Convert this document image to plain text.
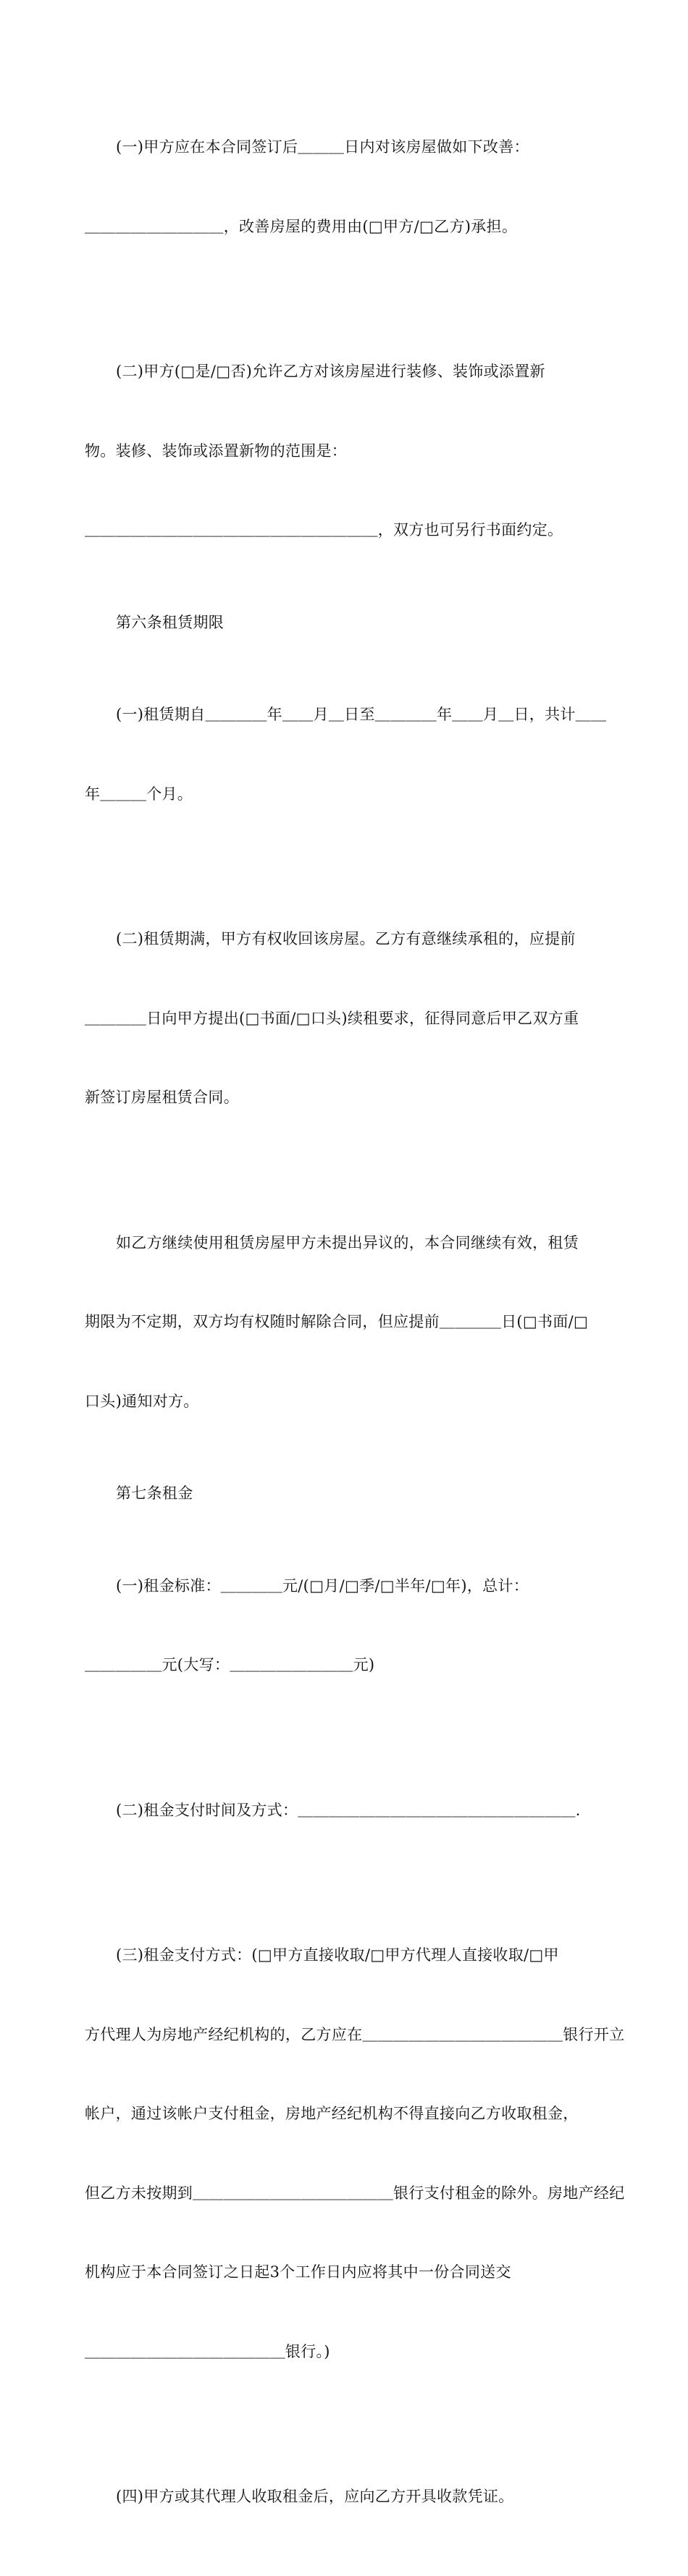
(一)甲方应在本合同签订后＿＿＿日内对该房屋做如下改善：

＿＿＿＿＿＿＿＿＿，改善房屋的费用由(□甲方/□乙方)承担。

(二)甲方(□是/□否)允许乙方对该房屋进行装修、装饰或添置新

物。装修、装饰或添置新物的范围是：

＿＿＿＿＿＿＿＿＿＿＿＿＿＿＿＿＿＿＿，双方也可另行书面约定。

第六条租赁期限

(一)租赁期自＿＿＿＿年＿＿月＿日至＿＿＿＿年＿＿月＿日，共计＿＿

年＿＿＿个月。

(二)租赁期满，甲方有权收回该房屋。乙方有意继续承租的，应提前

＿＿＿＿日向甲方提出(□书面/□口头)续租要求，征得同意后甲乙双方重

新签订房屋租赁合同。

如乙方继续使用租赁房屋甲方未提出异议的，本合同继续有效，租赁

期限为不定期，双方均有权随时解除合同，但应提前＿＿＿＿日(□书面/□

口头)通知对方。

第七条租金

(一)租金标准：＿＿＿＿元/(□月/□季/□半年/□年)，总计：

＿＿＿＿＿元(大写：＿＿＿＿＿＿＿＿元)

(二)租金支付时间及方式：＿＿＿＿＿＿＿＿＿＿＿＿＿＿＿＿＿＿.

(三)租金支付方式：(□甲方直接收取/□甲方代理人直接收取/□甲

方代理人为房地产经纪机构的，乙方应在＿＿＿＿＿＿＿＿＿＿＿＿＿银行开立

帐户，通过该帐户支付租金，房地产经纪机构不得直接向乙方收取租金，

但乙方未按期到＿＿＿＿＿＿＿＿＿＿＿＿＿银行支付租金的除外。房地产经纪

机构应于本合同签订之日起3个工作日内应将其中一份合同送交

＿＿＿＿＿＿＿＿＿＿＿＿＿银行。)

(四)甲方或其代理人收取租金后，应向乙方开具收款凭证。
